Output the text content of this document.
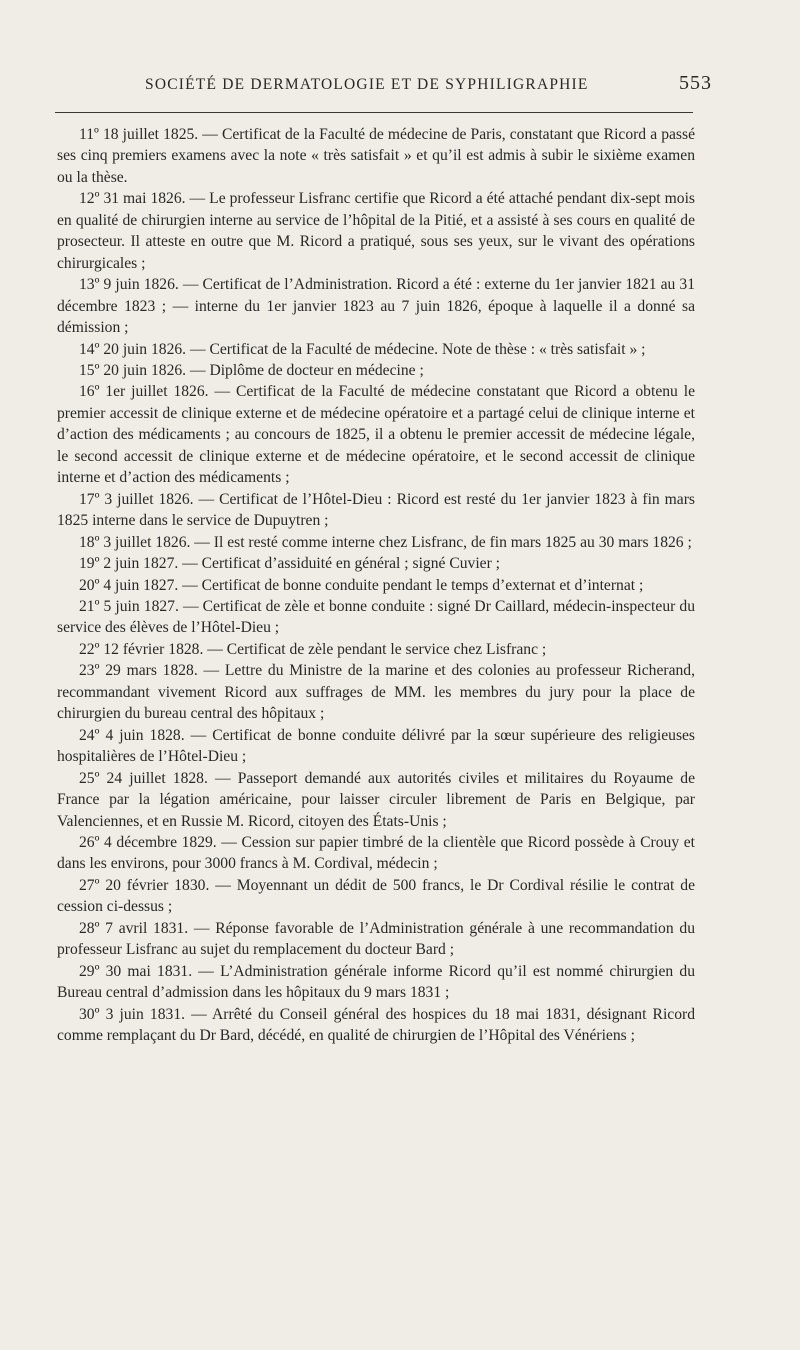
SOCIÉTÉ DE DERMATOLOGIE ET DE SYPHILIGRAPHIE	553

11º 18 juillet 1825. — Certificat de la Faculté de médecine de Paris, constatant que Ricord a passé ses cinq premiers examens avec la note « très satisfait » et qu’il est admis à subir le sixième examen ou la thèse.

12º 31 mai 1826. — Le professeur Lisfranc certifie que Ricord a été attaché pendant dix-sept mois en qualité de chirurgien interne au service de l’hôpital de la Pitié, et a assisté à ses cours en qualité de prosecteur. Il atteste en outre que M. Ricord a pratiqué, sous ses yeux, sur le vivant des opérations chirurgicales ;

13º 9 juin 1826. — Certificat de l’Administration. Ricord a été : externe du 1er janvier 1821 au 31 décembre 1823 ; — interne du 1er janvier 1823 au 7 juin 1826, époque à laquelle il a donné sa démission ;

14º 20 juin 1826. — Certificat de la Faculté de médecine. Note de thèse : « très satisfait » ;

15º 20 juin 1826. — Diplôme de docteur en médecine ;

16º 1er juillet 1826. — Certificat de la Faculté de médecine constatant que Ricord a obtenu le premier accessit de clinique externe et de médecine opératoire et a partagé celui de clinique interne et d’action des médicaments ; au concours de 1825, il a obtenu le premier accessit de médecine légale, le second accessit de clinique externe et de médecine opératoire, et le second accessit de clinique interne et d’action des médicaments ;

17º 3 juillet 1826. — Certificat de l’Hôtel-Dieu : Ricord est resté du 1er janvier 1823 à fin mars 1825 interne dans le service de Dupuytren ;

18º 3 juillet 1826. — Il est resté comme interne chez Lisfranc, de fin mars 1825 au 30 mars 1826 ;

19º 2 juin 1827. — Certificat d’assiduité en général ; signé Cuvier ;

20º 4 juin 1827. — Certificat de bonne conduite pendant le temps d’externat et d’internat ;

21º 5 juin 1827. — Certificat de zèle et bonne conduite : signé Dr Caillard, médecin-inspecteur du service des élèves de l’Hôtel-Dieu ;

22º 12 février 1828. — Certificat de zèle pendant le service chez Lisfranc ;

23º 29 mars 1828. — Lettre du Ministre de la marine et des colonies au professeur Richerand, recommandant vivement Ricord aux suffrages de MM. les membres du jury pour la place de chirurgien du bureau central des hôpitaux ;

24º 4 juin 1828. — Certificat de bonne conduite délivré par la sœur supérieure des religieuses hospitalières de l’Hôtel-Dieu ;

25º 24 juillet 1828. — Passeport demandé aux autorités civiles et militaires du Royaume de France par la légation américaine, pour laisser circuler librement de Paris en Belgique, par Valenciennes, et en Russie M. Ricord, citoyen des États-Unis ;

26º 4 décembre 1829. — Cession sur papier timbré de la clientèle que Ricord possède à Crouy et dans les environs, pour 3000 francs à M. Cordival, médecin ;

27º 20 février 1830. — Moyennant un dédit de 500 francs, le Dr Cordival résilie le contrat de cession ci-dessus ;

28º 7 avril 1831. — Réponse favorable de l’Administration générale à une recommandation du professeur Lisfranc au sujet du remplacement du docteur Bard ;

29º 30 mai 1831. — L’Administration générale informe Ricord qu’il est nommé chirurgien du Bureau central d’admission dans les hôpitaux du 9 mars 1831 ;

30º 3 juin 1831. — Arrêté du Conseil général des hospices du 18 mai 1831, désignant Ricord comme remplaçant du Dr Bard, décédé, en qualité de chirurgien de l’Hôpital des Vénériens ;
